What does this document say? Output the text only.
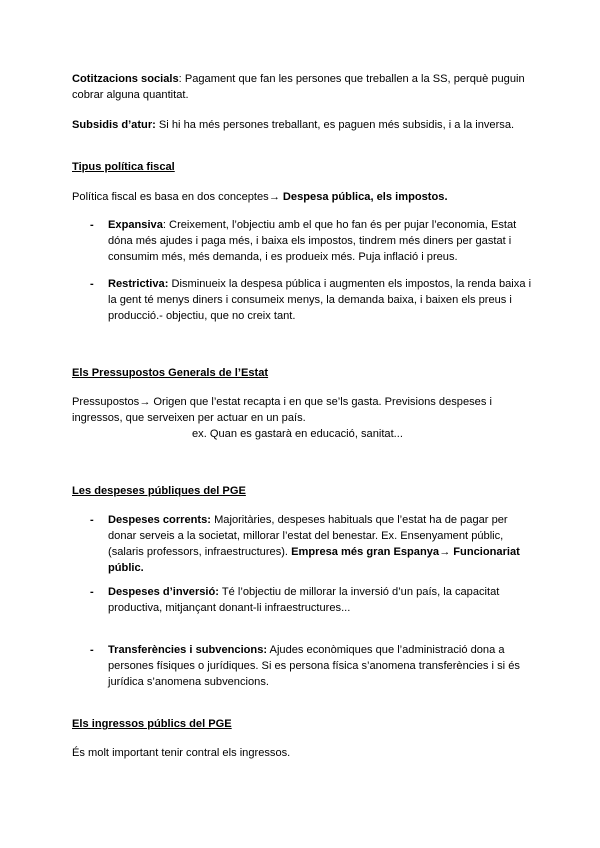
Cotitzacions socials: Pagament que fan les persones que treballen a la SS, perquè puguin cobrar alguna quantitat.
Subsidis d’atur: Si hi ha més persones treballant, es paguen més subsidis, i a la inversa.
Tipus política fiscal
Política fiscal es basa en dos conceptes→ Despesa pública, els impostos.
- Expansiva: Creixement, l’objectiu amb el que ho fan és per pujar l’economia, Estat dóna més ajudes i paga més, i baixa els impostos, tindrem més diners per gastat i consumim més, més demanda, i es produeix més. Puja inflació i preus.
- Restrictiva: Disminueix la despesa pública i augmenten els impostos, la renda baixa i la gent té menys diners i consumeix menys, la demanda baixa, i baixen els preus i producció.- objectiu, que no creix tant.
Els Pressupostos Generals de l’Estat
Pressupostos→ Origen que l’estat recapta i en que se’ls gasta. Previsions despeses i ingressos, que serveixen per actuar en un país.
ex. Quan es gastarà en educació, sanitat...
Les despeses públiques del PGE
- Despeses corrents: Majoritàries, despeses habituals que l’estat ha de pagar per donar serveis a la societat, millorar l’estat del benestar. Ex. Ensenyament públic, (salaris professors, infraestructures). Empresa més gran Espanya→ Funcionariat públic.
- Despeses d’inversió: Té l’objectiu de millorar la inversió d’un país, la capacitat productiva, mitjançant donant-li infraestructures...
- Transferències i subvencions: Ajudes econòmiques que l’administració dona a persones físiques o jurídiques. Si es persona física s’anomena transferències i si és jurídica s’anomena subvencions.
Els ingressos públics del PGE
És molt important tenir contral els ingressos.
